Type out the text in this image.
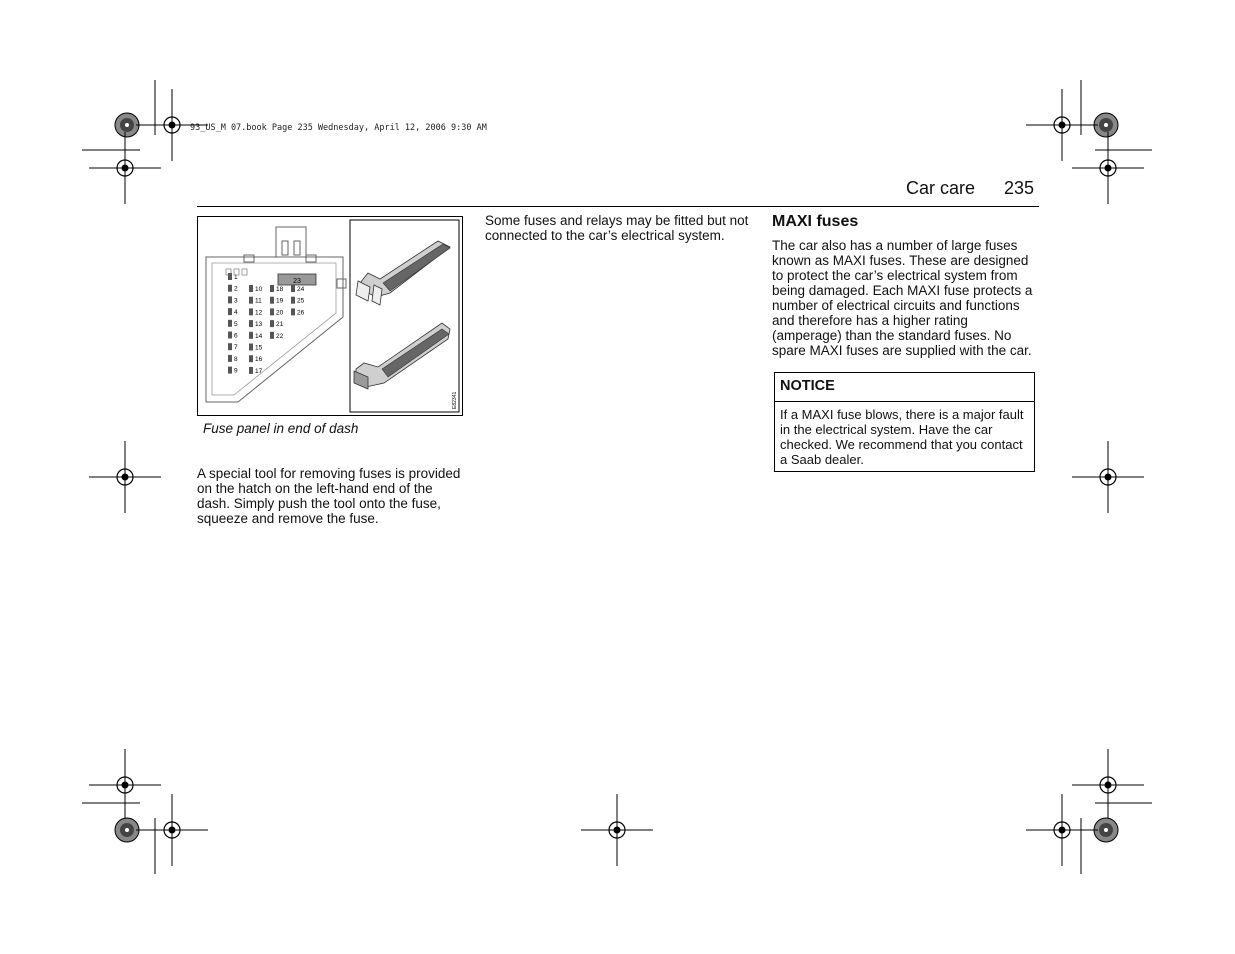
93_US_M 07.book Page 235 Wednesday, April 12, 2006 9:30 AM
Car care 235
23
1
2
3
4
5
6
7
8
9
10
11
12
13
14
15
16
17
18
19
20
21
22
24
25
26
E82341
Fuse panel in end of dash
A special tool for removing fuses is provided on the hatch on the left-hand end of the dash. Simply push the tool onto the fuse, squeeze and remove the fuse.
Some fuses and relays may be fitted but not connected to the car’s electrical system.
MAXI fuses
The car also has a number of large fuses known as MAXI fuses. These are designed to protect the car’s electrical system from being damaged. Each MAXI fuse protects a number of electrical circuits and functions and therefore has a higher rating (amperage) than the standard fuses. No spare MAXI fuses are supplied with the car.
NOTICE
If a MAXI fuse blows, there is a major fault in the electrical system. Have the car checked. We recommend that you contact a Saab dealer.
